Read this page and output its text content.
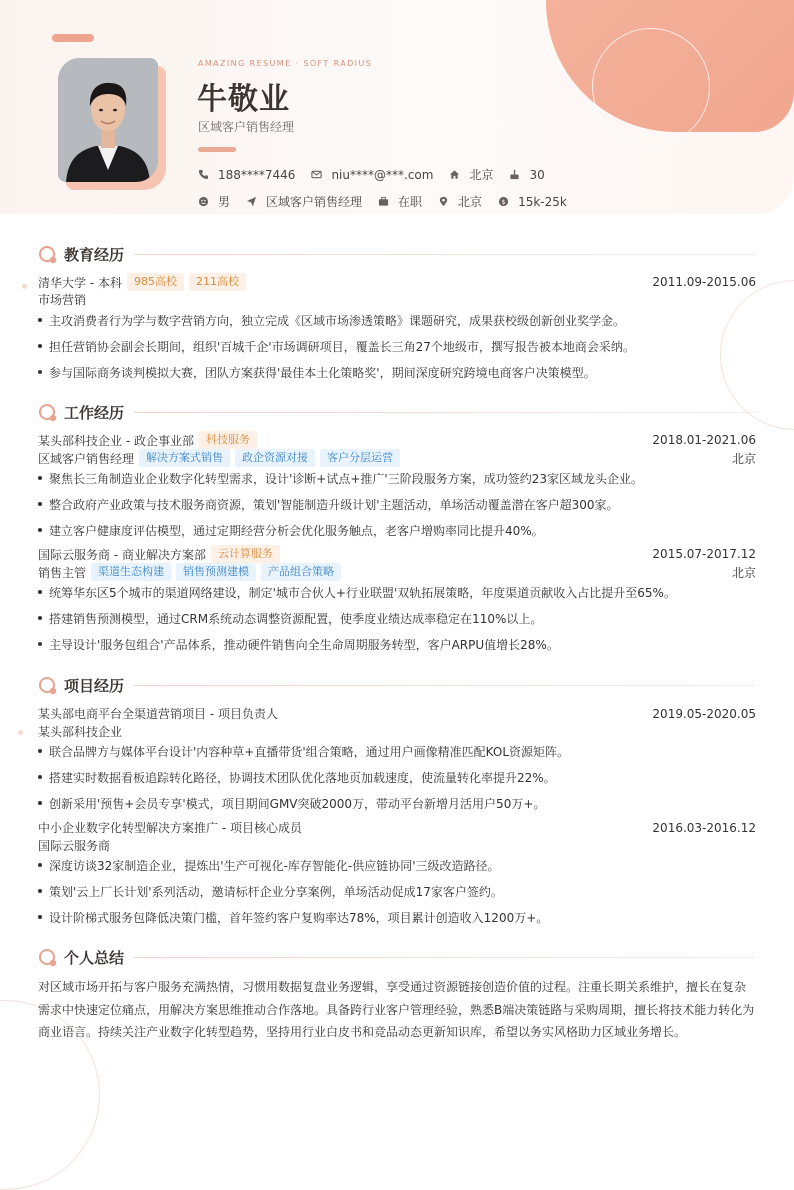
AMAZING RESUME · SOFT RADIUS
牛敬业
区域客户销售经理
188****7446	niu****@***.com	北京	30
男	区域客户销售经理	在职	北京	$ 15k-25k
教育经历
清华大学 - 本科	985高校	211高校	2011.09-2015.06
市场营销
主攻消费者行为学与数字营销方向，独立完成《区域市场渗透策略》课题研究，成果获校级创新创业奖学金。
担任营销协会副会长期间，组织'百城千企'市场调研项目，覆盖长三角27个地级市，撰写报告被本地商会采纳。
参与国际商务谈判模拟大赛，团队方案获得'最佳本土化策略奖'，期间深度研究跨境电商客户决策模型。
工作经历
某头部科技企业 - 政企事业部	科技服务	2018.01-2021.06
区域客户销售经理	解决方案式销售	政企资源对接	客户分层运营	北京
聚焦长三角制造业企业数字化转型需求，设计'诊断+试点+推广'三阶段服务方案，成功签约23家区域龙头企业。
整合政府产业政策与技术服务商资源，策划'智能制造升级计划'主题活动，单场活动覆盖潜在客户超300家。
建立客户健康度评估模型，通过定期经营分析会优化服务触点，老客户增购率同比提升40%。
国际云服务商 - 商业解决方案部	云计算服务	2015.07-2017.12
销售主管	渠道生态构建	销售预测建模	产品组合策略	北京
统筹华东区5个城市的渠道网络建设，制定'城市合伙人+行业联盟'双轨拓展策略，年度渠道贡献收入占比提升至65%。
搭建销售预测模型，通过CRM系统动态调整资源配置，使季度业绩达成率稳定在110%以上。
主导设计'服务包组合'产品体系，推动硬件销售向全生命周期服务转型，客户ARPU值增长28%。
项目经历
某头部电商平台全渠道营销项目 - 项目负责人	2019.05-2020.05
某头部科技企业
联合品牌方与媒体平台设计'内容种草+直播带货'组合策略，通过用户画像精准匹配KOL资源矩阵。
搭建实时数据看板追踪转化路径，协调技术团队优化落地页加载速度，使流量转化率提升22%。
创新采用'预售+会员专享'模式，项目期间GMV突破2000万，带动平台新增月活用户50万+。
中小企业数字化转型解决方案推广 - 项目核心成员	2016.03-2016.12
国际云服务商
深度访谈32家制造企业，提炼出'生产可视化-库存智能化-供应链协同'三级改造路径。
策划'云上厂长计划'系列活动，邀请标杆企业分享案例，单场活动促成17家客户签约。
设计阶梯式服务包降低决策门槛，首年签约客户复购率达78%，项目累计创造收入1200万+。
个人总结
对区域市场开拓与客户服务充满热情，习惯用数据复盘业务逻辑，享受通过资源链接创造价值的过程。注重长期关系维护，擅长在复杂需求中快速定位痛点，用解决方案思维推动合作落地。具备跨行业客户管理经验，熟悉B端决策链路与采购周期，擅长将技术能力转化为商业语言。持续关注产业数字化转型趋势，坚持用行业白皮书和竞品动态更新知识库，希望以务实风格助力区域业务增长。
